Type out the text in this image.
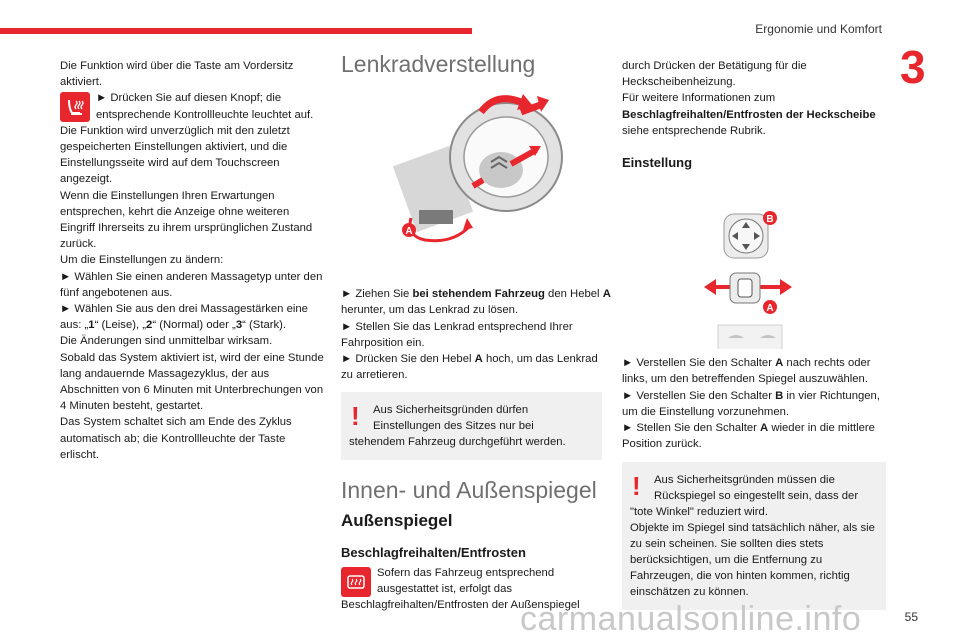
Ergonomie und Komfort
3

Die Funktion wird über die Taste am Vordersitz aktiviert.

► Drücken Sie auf diesen Knopf; die entsprechende Kontrollleuchte leuchtet auf.

Die Funktion wird unverzüglich mit den zuletzt gespeicherten Einstellungen aktiviert, und die Einstellungsseite wird auf dem Touchscreen angezeigt.

Wenn die Einstellungen Ihren Erwartungen entsprechen, kehrt die Anzeige ohne weiteren Eingriff Ihrerseits zu ihrem ursprünglichen Zustand zurück.

Um die Einstellungen zu ändern:

► Wählen Sie einen anderen Massagetyp unter den fünf angebotenen aus.

► Wählen Sie aus den drei Massagestärken eine aus: „1“ (Leise), „2“ (Normal) oder „3“ (Stark).

Die Änderungen sind unmittelbar wirksam.

Sobald das System aktiviert ist, wird der eine Stunde lang andauernde Massagezyklus, der aus Abschnitten von 6 Minuten mit Unterbrechungen von 4 Minuten besteht, gestartet.

Das System schaltet sich am Ende des Zyklus automatisch ab; die Kontrollleuchte der Taste erlischt.

Lenkradverstellung
A

► Ziehen Sie bei stehendem Fahrzeug den Hebel A herunter, um das Lenkrad zu lösen.

► Stellen Sie das Lenkrad entsprechend Ihrer Fahrposition ein.

► Drücken Sie den Hebel A hoch, um das Lenkrad zu arretieren.

!	Aus Sicherheitsgründen dürfen Einstellungen des Sitzes nur bei stehendem Fahrzeug durchgeführt werden.
Innen- und Außenspiegel
Außenspiegel
Beschlagfreihalten/Entfrosten

Sofern das Fahrzeug entsprechend ausgestattet ist, erfolgt das Beschlagfreihalten/Entfrosten der Außenspiegel

durch Drücken der Betätigung für die Heckscheibenheizung.

Für weitere Informationen zum

Beschlagfreihalten/Entfrosten der Heckscheibe

siehe entsprechende Rubrik.

Einstellung
B
A

► Verstellen Sie den Schalter A nach rechts oder links, um den betreffenden Spiegel auszuwählen.

► Verstellen Sie den Schalter B in vier Richtungen, um die Einstellung vorzunehmen.

► Stellen Sie den Schalter A wieder in die mittlere Position zurück.

!	Aus Sicherheitsgründen müssen die Rückspiegel so eingestellt sein, dass der "tote Winkel" reduziert wird.
Objekte im Spiegel sind tatsächlich näher, als sie zu sein scheinen. Sie sollten dies stets berücksichtigen, um die Entfernung zu Fahrzeugen, die von hinten kommen, richtig einschätzen zu können.
carmanualsonline.info	55
